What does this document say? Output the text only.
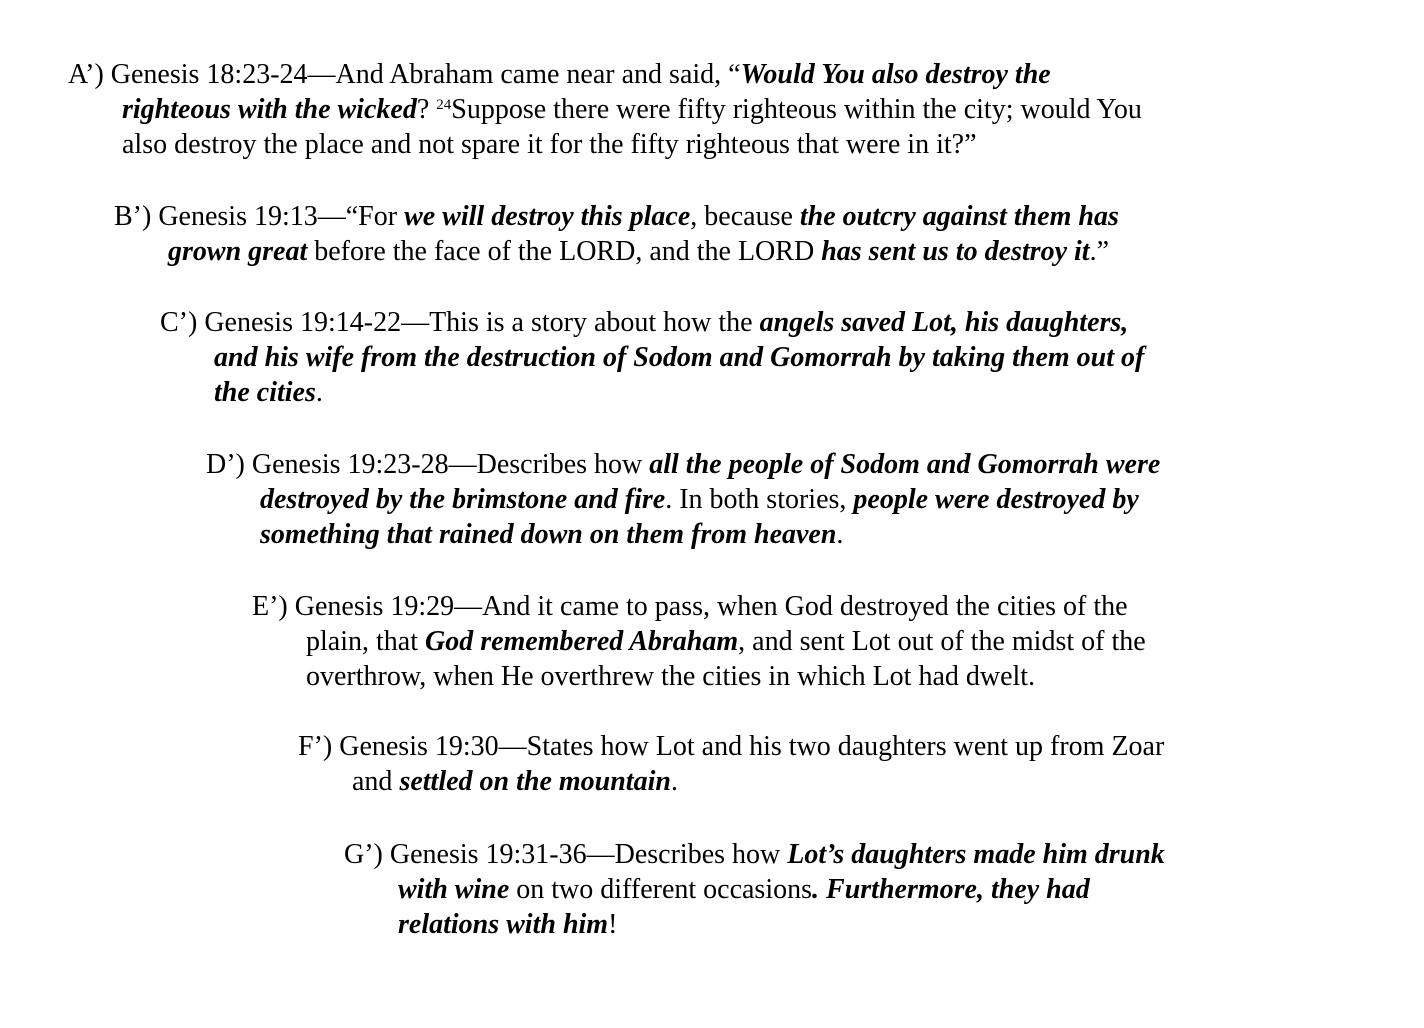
A’) Genesis 18:23-24—And Abraham came near and said, “Would You also destroy the
righteous with the wicked? $^{24}$Suppose there were fifty righteous within the city; would You
also destroy the place and not spare it for the fifty righteous that were in it?”

B’) Genesis 19:13—“For we will destroy this place, because the outcry against them has
grown great before the face of the LORD, and the LORD has sent us to destroy it.”

C’) Genesis 19:14-22—This is a story about how the angels saved Lot, his daughters,
and his wife from the destruction of Sodom and Gomorrah by taking them out of
the cities.

D’) Genesis 19:23-28—Describes how all the people of Sodom and Gomorrah were
destroyed by the brimstone and fire. In both stories, people were destroyed by
something that rained down on them from heaven.

E’) Genesis 19:29—And it came to pass, when God destroyed the cities of the
plain, that God remembered Abraham, and sent Lot out of the midst of the
overthrow, when He overthrew the cities in which Lot had dwelt.

F’) Genesis 19:30—States how Lot and his two daughters went up from Zoar
and settled on the mountain.

G’) Genesis 19:31-36—Describes how Lot’s daughters made him drunk
with wine on two different occasions. Furthermore, they had
relations with him!
